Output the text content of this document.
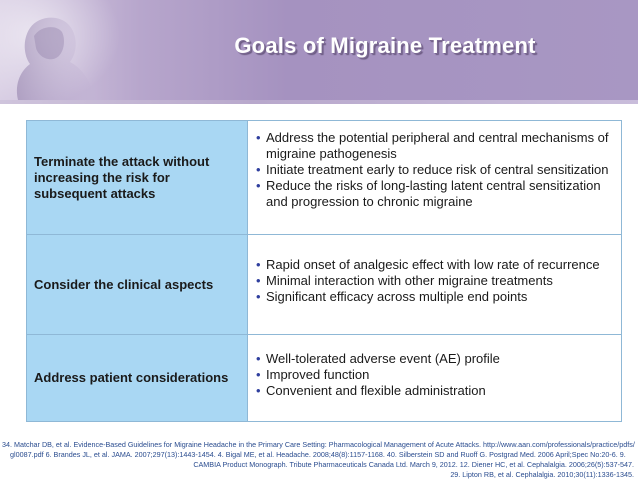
Goals of Migraine Treatment
Terminate the attack without increasing the risk for subsequent attacks
• Address the potential peripheral and central mechanisms of migraine pathogenesis
• Initiate treatment early to reduce risk of central sensitization
• Reduce the risks of long-lasting latent central sensitization and progression to chronic migraine
Consider the clinical aspects
• Rapid onset of analgesic effect with low rate of recurrence
• Minimal interaction with other migraine treatments
• Significant efficacy across multiple end points
Address patient considerations
• Well-tolerated adverse event (AE) profile
• Improved function
• Convenient and flexible administration
34. Matchar DB, et al. Evidence-Based Guidelines for Migraine Headache in the Primary Care Setting: Pharmacological Management of Acute Attacks. http://www.aan.com/professionals/practice/pdfs/
gl0087.pdf 6. Brandes JL, et al. JAMA. 2007;297(13):1443-1454. 4. Bigal ME, et al. Headache. 2008;48(8):1157-1168. 40. Silberstein SD and Ruoff G. Postgrad Med. 2006 April;Spec No:20-6. 9.
CAMBIA Product Monograph. Tribute Pharmaceuticals Canada Ltd. March 9, 2012. 12. Diener HC, et al. Cephalalgia. 2006;26(5):537-547.
29. Lipton RB, et al. Cephalalgia. 2010;30(11):1336-1345.
